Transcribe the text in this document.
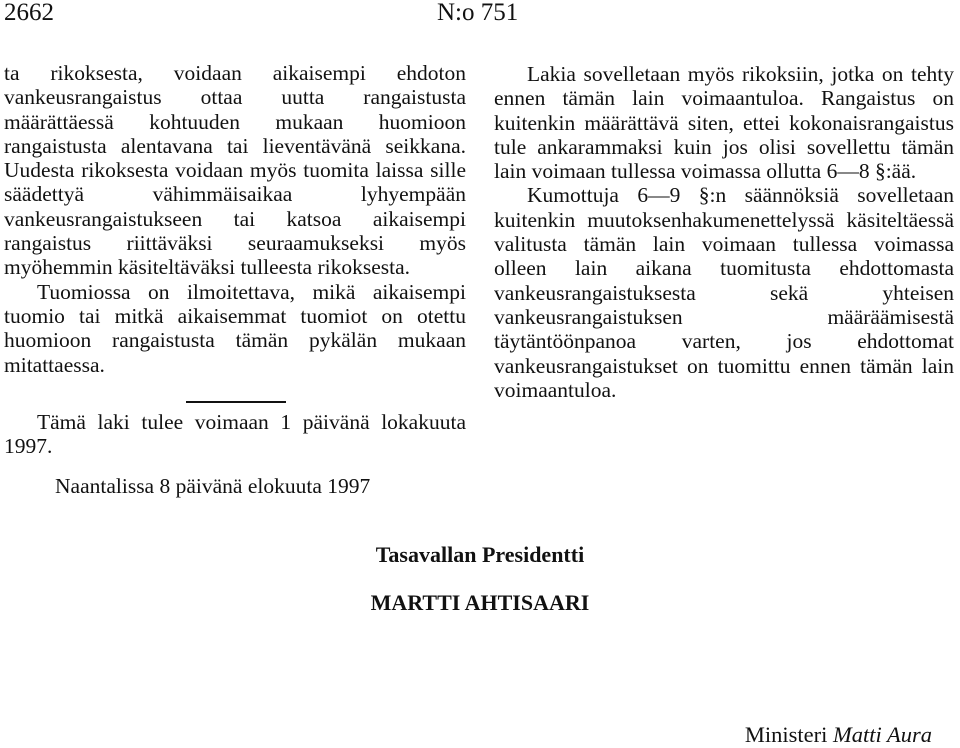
2662	N:o 751

ta rikoksesta, voidaan aikaisempi ehdoton vankeusrangaistus ottaa uutta rangaistusta määrättäessä kohtuuden mukaan huomioon rangaistusta alentavana tai lieventävänä seikkana. Uudesta rikoksesta voidaan myös tuomita laissa sille säädettyä vähimmäisaikaa lyhyempään vankeusrangaistukseen tai katsoa aikaisempi rangaistus riittäväksi seuraamukseksi myös myöhemmin käsiteltäväksi tulleesta rikoksesta.

Tuomiossa on ilmoitettava, mikä aikaisempi tuomio tai mitkä aikaisemmat tuomiot on otettu huomioon rangaistusta tämän pykälän mukaan mitattaessa.

Tämä laki tulee voimaan 1 päivänä lokakuuta 1997.

Lakia sovelletaan myös rikoksiin, jotka on tehty ennen tämän lain voimaantuloa. Rangaistus on kuitenkin määrättävä siten, ettei kokonaisrangaistus tule ankarammaksi kuin jos olisi sovellettu tämän lain voimaan tullessa voimassa ollutta 6—8 §:ää.

Kumottuja 6—9 §:n säännöksiä sovelletaan kuitenkin muutoksenhakumenettelyssä käsiteltäessä valitusta tämän lain voimaan tullessa voimassa olleen lain aikana tuomitusta ehdottomasta vankeusrangaistuksesta sekä yhteisen vankeusrangaistuksen määräämisestä täytäntöönpanoa varten, jos ehdottomat vankeusrangaistukset on tuomittu ennen tämän lain voimaantuloa.

Naantalissa 8 päivänä elokuuta 1997
Tasavallan Presidentti
MARTTI AHTISAARI
Ministeri Matti Aura
